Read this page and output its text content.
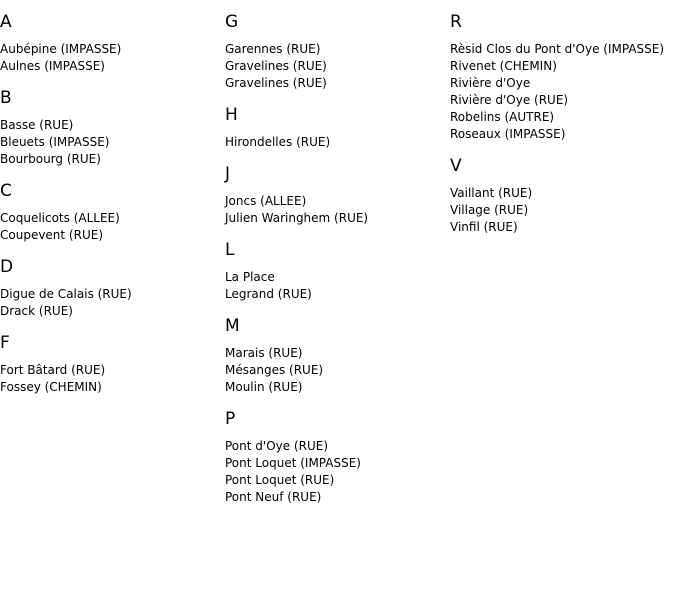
A
Aubépine (IMPASSE)
Aulnes (IMPASSE)
B
Basse (RUE)
Bleuets (IMPASSE)
Bourbourg (RUE)
C
Coquelicots (ALLEE)
Coupevent (RUE)
D
Digue de Calais (RUE)
Drack (RUE)
F
Fort Bâtard (RUE)
Fossey (CHEMIN)
G
Garennes (RUE)
Gravelines (RUE)
Gravelines (RUE)
H
Hirondelles (RUE)
J
Joncs (ALLEE)
Julien Waringhem (RUE)
L
La Place
Legrand (RUE)
M
Marais (RUE)
Mésanges (RUE)
Moulin (RUE)
P
Pont d'Oye (RUE)
Pont Loquet (IMPASSE)
Pont Loquet (RUE)
Pont Neuf (RUE)
R
Rèsid Clos du Pont d'Oye (IMPASSE)
Rivenet (CHEMIN)
Rivière d'Oye
Rivière d'Oye (RUE)
Robelins (AUTRE)
Roseaux (IMPASSE)
V
Vaillant (RUE)
Village (RUE)
Vinfil (RUE)
